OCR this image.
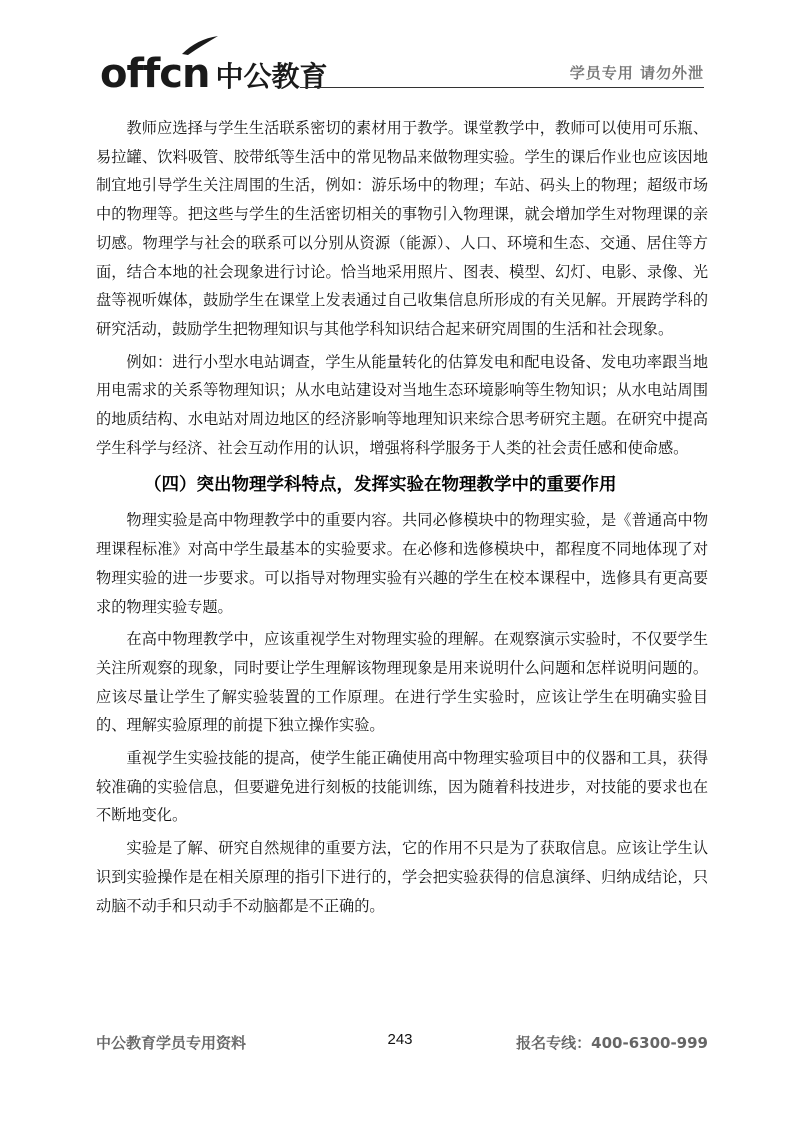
offcn 中公教育	学员专用 请勿外泄

教师应选择与学生生活联系密切的素材用于教学。课堂教学中，教师可以使用可乐瓶、易拉罐、饮料吸管、胶带纸等生活中的常见物品来做物理实验。学生的课后作业也应该因地制宜地引导学生关注周围的生活，例如：游乐场中的物理；车站、码头上的物理；超级市场中的物理等。把这些与学生的生活密切相关的事物引入物理课，就会增加学生对物理课的亲切感。物理学与社会的联系可以分别从资源（能源）、人口、环境和生态、交通、居住等方面，结合本地的社会现象进行讨论。恰当地采用照片、图表、模型、幻灯、电影、录像、光盘等视听媒体，鼓励学生在课堂上发表通过自己收集信息所形成的有关见解。开展跨学科的研究活动，鼓励学生把物理知识与其他学科知识结合起来研究周围的生活和社会现象。

例如：进行小型水电站调查，学生从能量转化的估算发电和配电设备、发电功率跟当地用电需求的关系等物理知识；从水电站建设对当地生态环境影响等生物知识；从水电站周围的地质结构、水电站对周边地区的经济影响等地理知识来综合思考研究主题。在研究中提高学生科学与经济、社会互动作用的认识，增强将科学服务于人类的社会责任感和使命感。

（四）突出物理学科特点，发挥实验在物理教学中的重要作用

物理实验是高中物理教学中的重要内容。共同必修模块中的物理实验，是《普通高中物理课程标准》对高中学生最基本的实验要求。在必修和选修模块中，都程度不同地体现了对物理实验的进一步要求。可以指导对物理实验有兴趣的学生在校本课程中，选修具有更高要求的物理实验专题。

在高中物理教学中，应该重视学生对物理实验的理解。在观察演示实验时，不仅要学生关注所观察的现象，同时要让学生理解该物理现象是用来说明什么问题和怎样说明问题的。应该尽量让学生了解实验装置的工作原理。在进行学生实验时，应该让学生在明确实验目的、理解实验原理的前提下独立操作实验。

重视学生实验技能的提高，使学生能正确使用高中物理实验项目中的仪器和工具，获得较准确的实验信息，但要避免进行刻板的技能训练，因为随着科技进步，对技能的要求也在不断地变化。

实验是了解、研究自然规律的重要方法，它的作用不只是为了获取信息。应该让学生认识到实验操作是在相关原理的指引下进行的，学会把实验获得的信息演绎、归纳成结论，只动脑不动手和只动手不动脑都是不正确的。

中公教育学员专用资料	243	报名专线：400-6300-999
